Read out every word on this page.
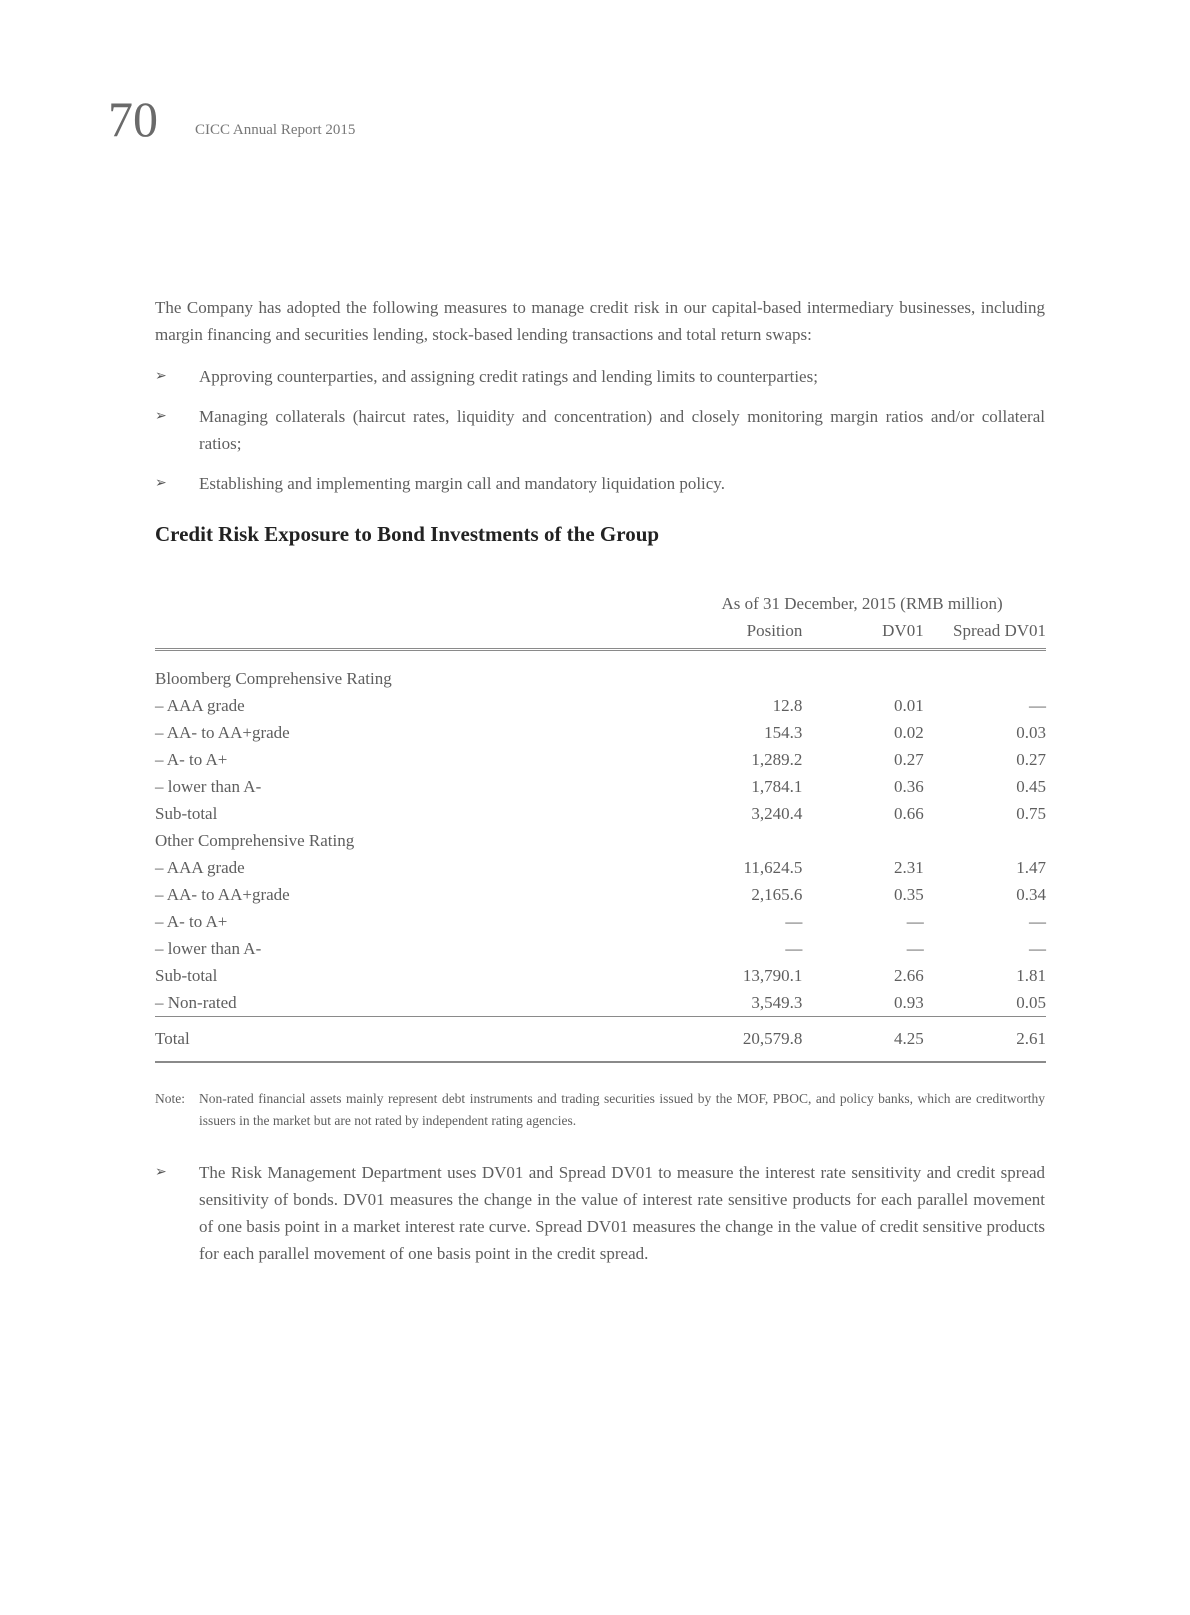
70 CICC Annual Report 2015

The Company has adopted the following measures to manage credit risk in our capital-based intermediary businesses, including margin financing and securities lending, stock-based lending transactions and total return swaps:

➢	Approving counterparties, and assigning credit ratings and lending limits to counterparties;
➢	Managing collaterals (haircut rates, liquidity and concentration) and closely monitoring margin ratios and/or collateral ratios;
➢	Establishing and implementing margin call and mandatory liquidation policy.
Credit Risk Exposure to Bond Investments of the Group
	As of 31 December, 2015 (RMB million)				
	Position		DV01		Spread DV01

Bloomberg Comprehensive Rating					
– AAA grade	12.8		0.01		—
– AA- to AA+grade	154.3		0.02		0.03
– A- to A+	1,289.2		0.27		0.27
– lower than A-	1,784.1		0.36		0.45
Sub-total	3,240.4		0.66		0.75
Other Comprehensive Rating					
– AAA grade	11,624.5		2.31		1.47
– AA- to AA+grade	2,165.6		0.35		0.34
– A- to A+	—		—		—
– lower than A-	—		—		—
Sub-total	13,790.1		2.66		1.81
– Non-rated	3,549.3		0.93		0.05
Total	20,579.8		4.25		2.61
Note:	Non-rated financial assets mainly represent debt instruments and trading securities issued by the MOF, PBOC, and policy banks, which are creditworthy issuers in the market but are not rated by independent rating agencies.
➢	The Risk Management Department uses DV01 and Spread DV01 to measure the interest rate sensitivity and credit spread sensitivity of bonds. DV01 measures the change in the value of interest rate sensitive products for each parallel movement of one basis point in a market interest rate curve. Spread DV01 measures the change in the value of credit sensitive products for each parallel movement of one basis point in the credit spread.
